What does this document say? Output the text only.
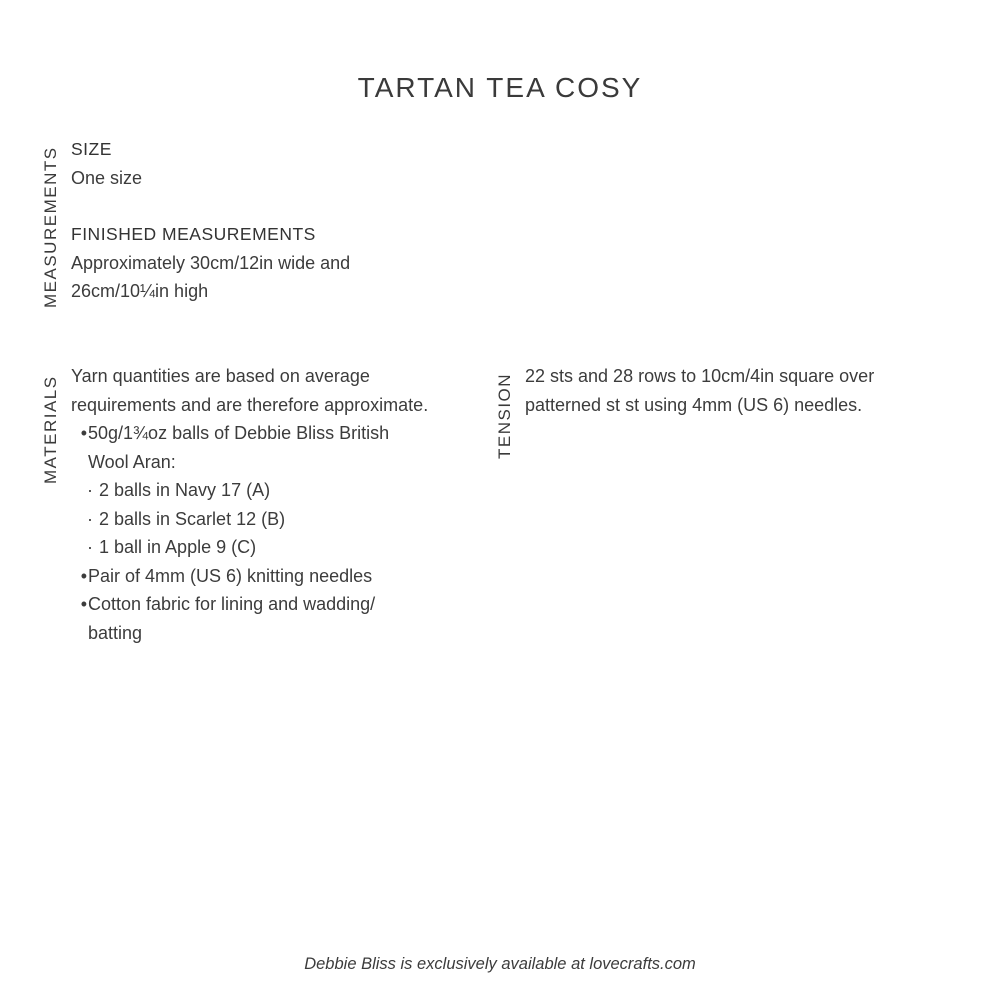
TARTAN TEA COSY
MEASUREMENTS SIZE
One size
FINISHED MEASUREMENTS
Approximately 30cm/12in wide and
26cm/10¼in high
MATERIALS Yarn quantities are based on average
requirements and are therefore approximate.
• 50g/1¾oz balls of Debbie Bliss British
Wool Aran:
· 2 balls in Navy 17 (A)
· 2 balls in Scarlet 12 (B)
· 1 ball in Apple 9 (C)
• Pair of 4mm (US 6) knitting needles
• Cotton fabric for lining and wadding/
batting
TENSION 22 sts and 28 rows to 10cm/4in square over
patterned st st using 4mm (US 6) needles.
Debbie Bliss is exclusively available at lovecrafts.com
